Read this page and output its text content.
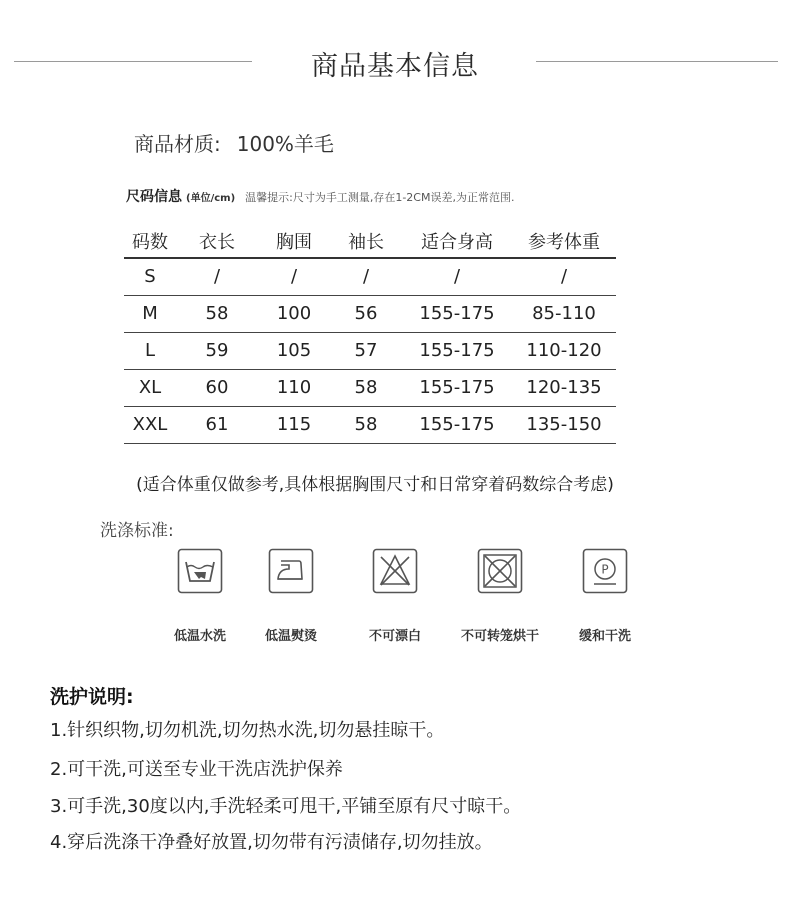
商品基本信息
商品材质: 100%羊毛
尺码信息 (单位/cm) 温馨提示:尺寸为手工测量,存在1-2CM误差,为正常范围.
码数	衣长	胸围	袖长	适合身高	参考体重
S	/	/	/	/	/
M	58	100	56	155-175	85-110
L	59	105	57	155-175	110-120
XL	60	110	58	155-175	120-135
XXL	61	115	58	155-175	135-150
(适合体重仅做参考,具体根据胸围尺寸和日常穿着码数综合考虑)
洗涤标准:
P
低温水洗	低温熨烫	不可漂白	不可转笼烘干	缓和干洗
洗护说明:
1.针织织物,切勿机洗,切勿热水洗,切勿悬挂晾干。
2.可干洗,可送至专业干洗店洗护保养
3.可手洗,30度以内,手洗轻柔可甩干,平铺至原有尺寸晾干。
4.穿后洗涤干净叠好放置,切勿带有污渍储存,切勿挂放。
